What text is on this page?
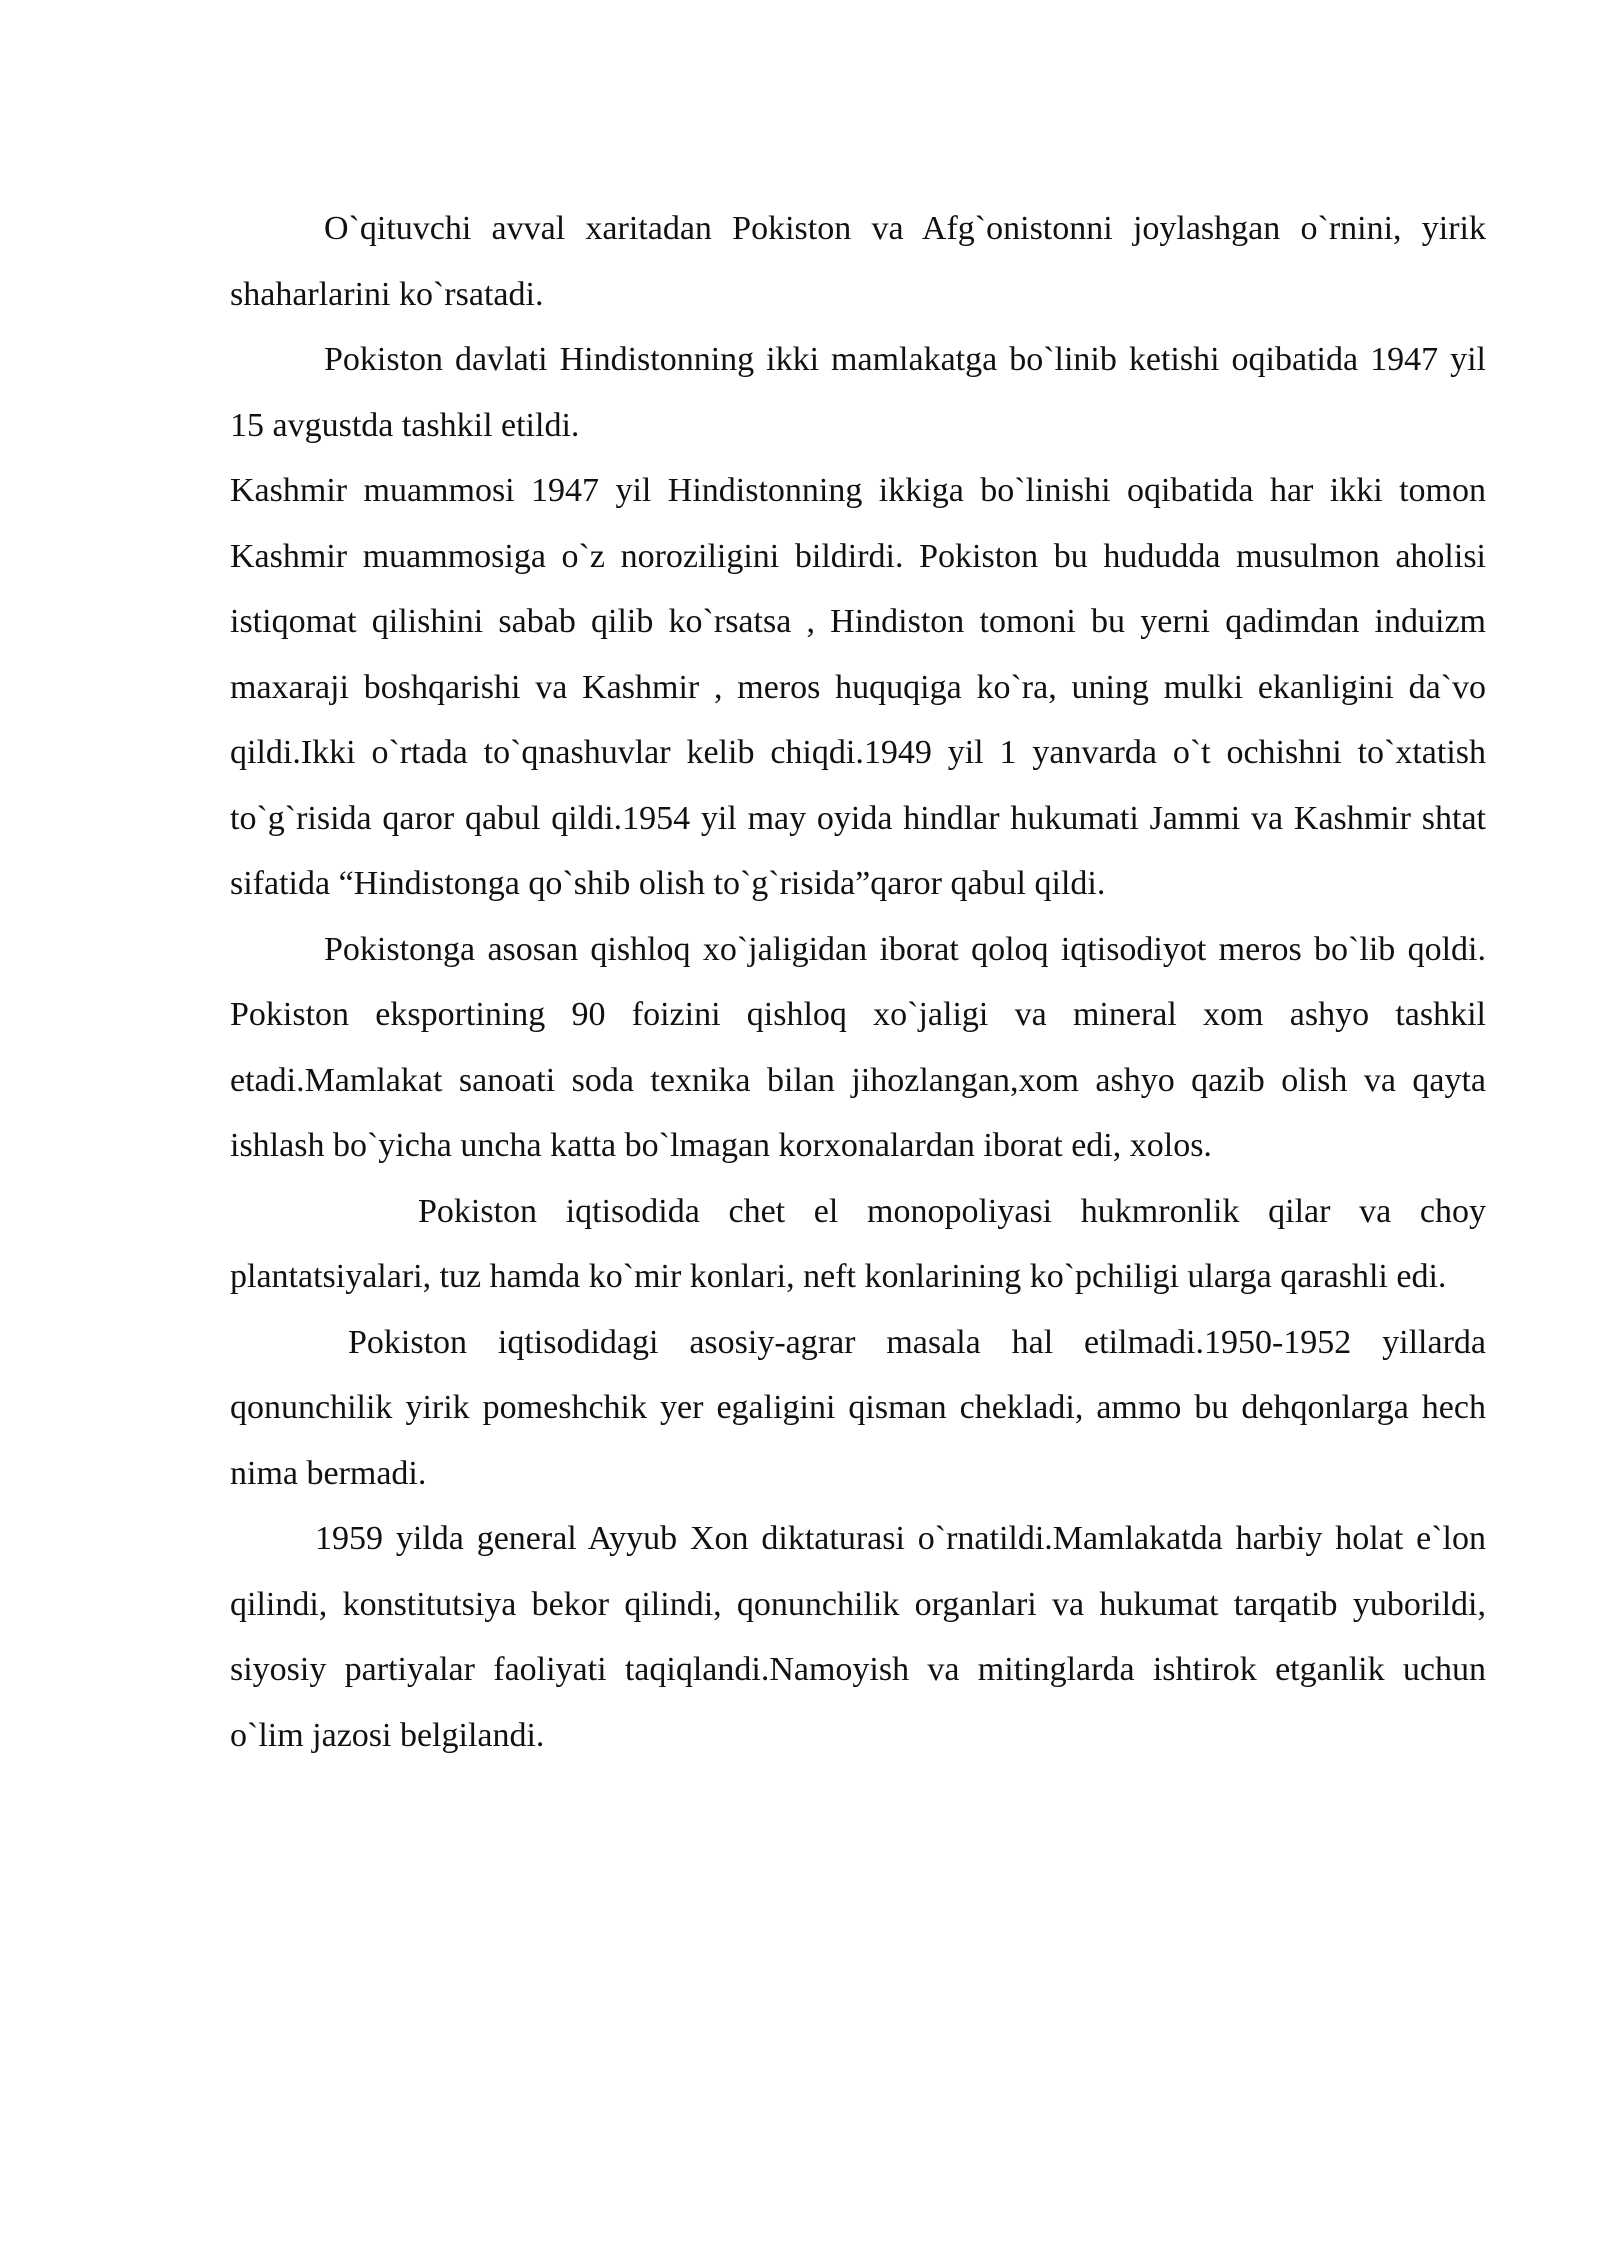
O`qituvchi avval xaritadan Pokiston va Afg`onistonni joylashgan o`rnini, yirik shaharlarini ko`rsatadi.

Pokiston davlati Hindistonning ikki mamlakatga bo`linib ketishi oqibatida 1947 yil 15 avgustda tashkil etildi.

Kashmir muammosi 1947 yil Hindistonning ikkiga bo`linishi oqibatida har ikki tomon Kashmir muammosiga o`z noroziligini bildirdi. Pokiston bu hududda musulmon aholisi istiqomat qilishini sabab qilib ko`rsatsa , Hindiston tomoni bu yerni qadimdan induizm maxaraji boshqarishi va Kashmir , meros huquqiga ko`ra, uning mulki ekanligini da`vo qildi.Ikki o`rtada to`qnashuvlar kelib chiqdi.1949 yil 1 yanvarda o`t ochishni to`xtatish to`g`risida qaror qabul qildi.1954 yil may oyida hindlar hukumati Jammi va Kashmir shtat sifatida “Hindistonga qo`shib olish to`g`risida”qaror qabul qildi.

Pokistonga asosan qishloq xo`jaligidan iborat qoloq iqtisodiyot meros bo`lib qoldi. Pokiston eksportining 90 foizini qishloq xo`jaligi va mineral xom ashyo tashkil etadi.Mamlakat sanoati soda texnika bilan jihozlangan,xom ashyo qazib olish va qayta ishlash bo`yicha uncha katta bo`lmagan korxonalardan iborat edi, xolos.

Pokiston iqtisodida chet el monopoliyasi hukmronlik qilar va choy plantatsiyalari, tuz hamda ko`mir konlari, neft konlarining ko`pchiligi ularga qarashli edi.

Pokiston iqtisodidagi asosiy-agrar masala hal etilmadi.1950-1952 yillarda qonunchilik yirik pomeshchik yer egaligini qisman chekladi, ammo bu dehqonlarga hech nima bermadi.

1959 yilda general Ayyub Xon diktaturasi o`rnatildi.Mamlakatda harbiy holat e`lon qilindi, konstitutsiya bekor qilindi, qonunchilik organlari va hukumat tarqatib yuborildi, siyosiy partiyalar faoliyati taqiqlandi.Namoyish va mitinglarda ishtirok etganlik uchun o`lim jazosi belgilandi.
